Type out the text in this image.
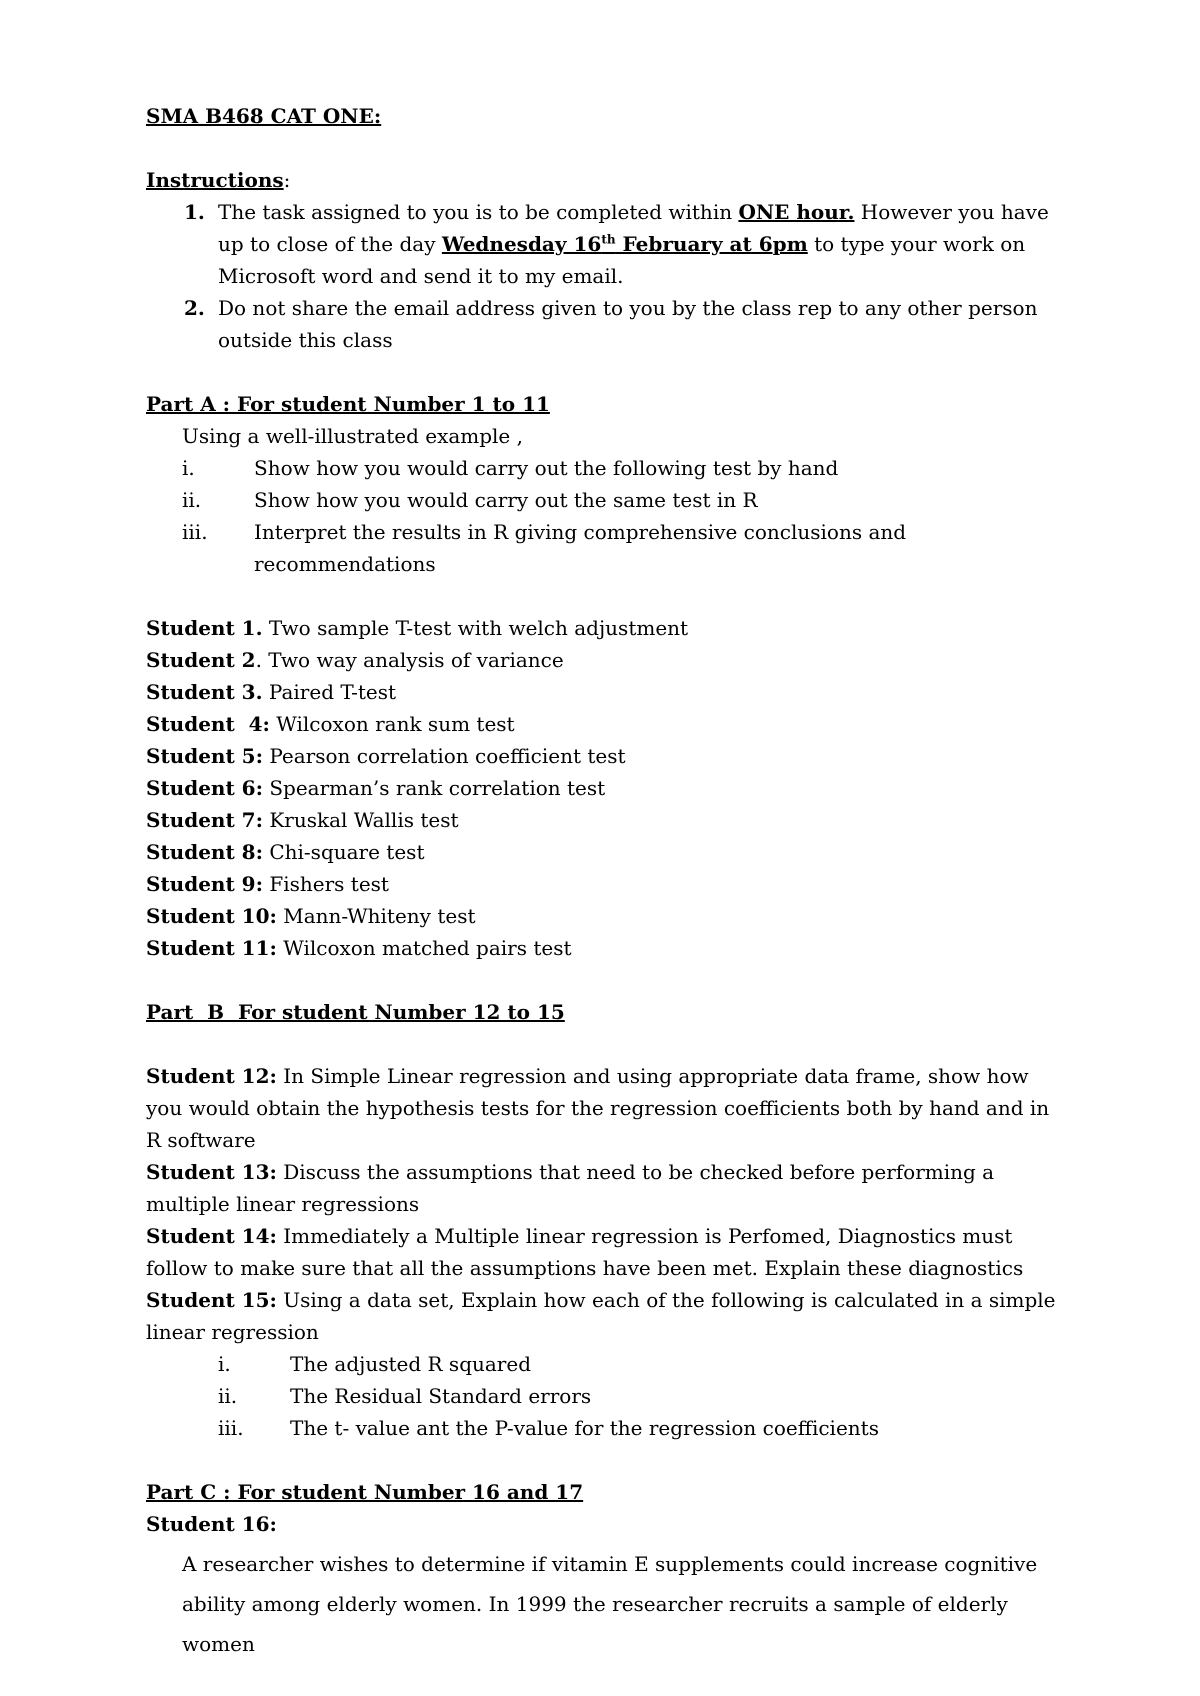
SMA B468 CAT ONE:

Instructions:

1. The task assigned to you is to be completed within ONE hour. However you have up to close of the day Wednesday 16th February at 6pm to type your work on Microsoft word and send it to my email.
2. Do not share the email address given to you by the class rep to any other person outside this class

Part A : For student Number 1 to 11

Using a well-illustrated example ,

i.	Show how you would carry out the following test by hand
ii.	Show how you would carry out the same test in R
iii.	Interpret the results in R giving comprehensive conclusions and recommendations

Student 1. Two sample T-test with welch adjustment

Student 2. Two way analysis of variance

Student 3. Paired T-test

Student  4: Wilcoxon rank sum test

Student 5: Pearson correlation coefficient test

Student 6: Spearman’s rank correlation test

Student 7: Kruskal Wallis test

Student 8: Chi-square test

Student 9: Fishers test

Student 10: Mann-Whiteny test

Student 11: Wilcoxon matched pairs test

Part  B  For student Number 12 to 15

Student 12: In Simple Linear regression and using appropriate data frame, show how you would obtain the hypothesis tests for the regression coefficients both by hand and in R software

Student 13: Discuss the assumptions that need to be checked before performing a multiple linear regressions

Student 14: Immediately a Multiple linear regression is Perfomed, Diagnostics must follow to make sure that all the assumptions have been met. Explain these diagnostics

Student 15: Using a data set, Explain how each of the following is calculated in a simple linear regression

i.	The adjusted R squared
ii.	The Residual Standard errors
iii.	The t- value ant the P-value for the regression coefficients

Part C : For student Number 16 and 17

Student 16:

A researcher wishes to determine if vitamin E supplements could increase cognitive ability among elderly women. In 1999 the researcher recruits a sample of elderly women
